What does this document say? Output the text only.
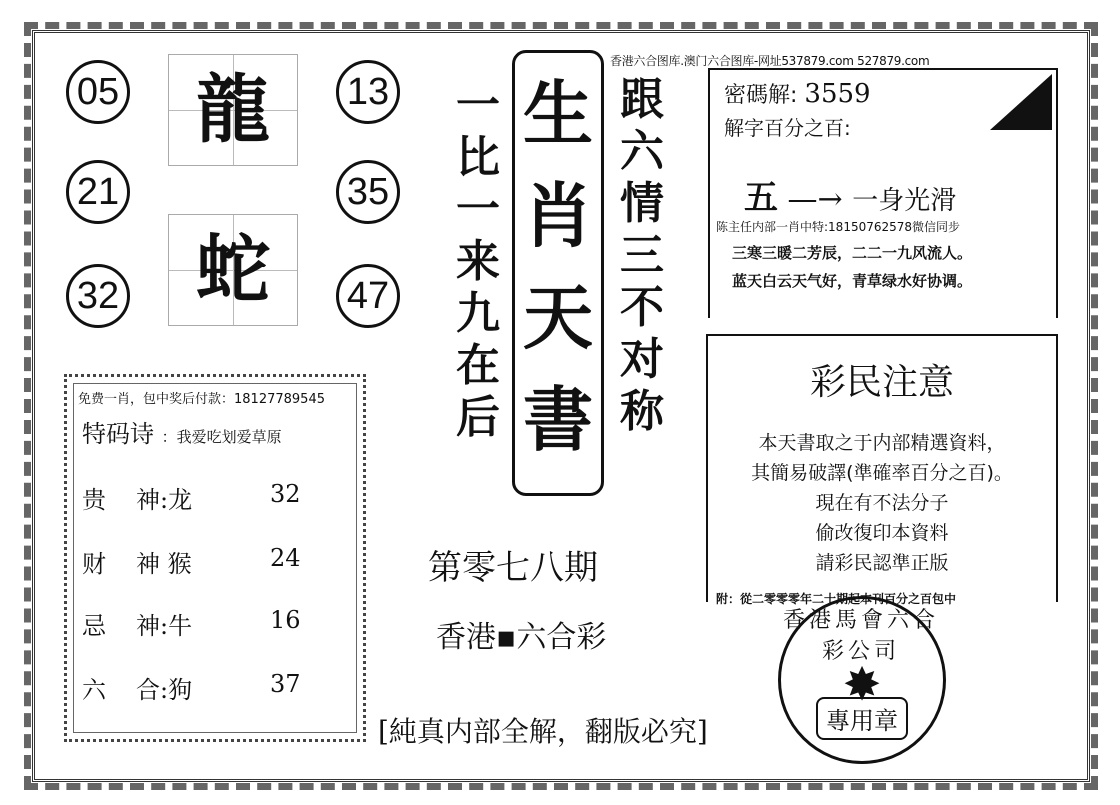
香港六合图库.澳门六合图库-网址537879.com 527879.com
05	13
21	35
32	47
龍
蛇
一
比
一
来
九
在
后
生
肖
天
書
跟
六
情
三
不
对
称
密碼解: 3559
解字百分之百:
五 —→ 一身光滑
陈主任内部一肖中特:18150762578微信同步
三寒三暖二芳辰，二二一九风流人。
蓝天白云天气好，青草绿水好协调。
免费一肖，包中奖后付款：18127789545
特码诗 ：我爱吃划爱草原
贵 神:龙	32
财 神 猴	24
忌 神:牛	16
六 合:狗	37
第零七八期
香港▪六合彩
[純真内部全解，翻版必究]
彩民注意
本天書取之于内部精選資料，
其簡易破譯(準確率百分之百)。
現在有不法分子
偷改復印本資料
請彩民認準正版
附：從二零零零年二十期起本刊百分之百包中
香港馬會六合彩公司
✸
專用章
